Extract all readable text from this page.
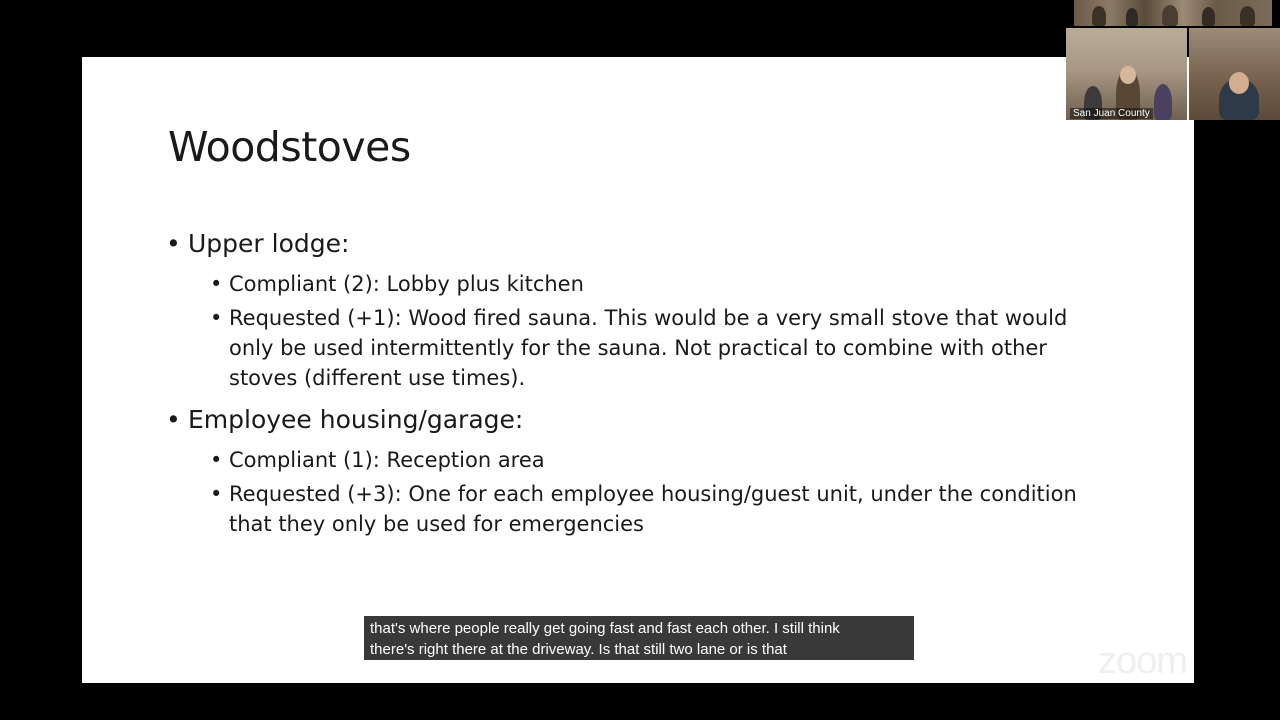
Woodstoves
• Upper lodge:
• Compliant (2): Lobby plus kitchen
• Requested (+1): Wood fired sauna. This would be a very small stove that would only be used intermittently for the sauna. Not practical to combine with other stoves (different use times).
• Employee housing/garage:
• Compliant (1): Reception area
• Requested (+3): One for each employee housing/guest unit, under the condition that they only be used for emergencies
San Juan County
that's where people really get going fast and fast each other. I still think
there's right there at the driveway. Is that still two lane or is that	zoom
